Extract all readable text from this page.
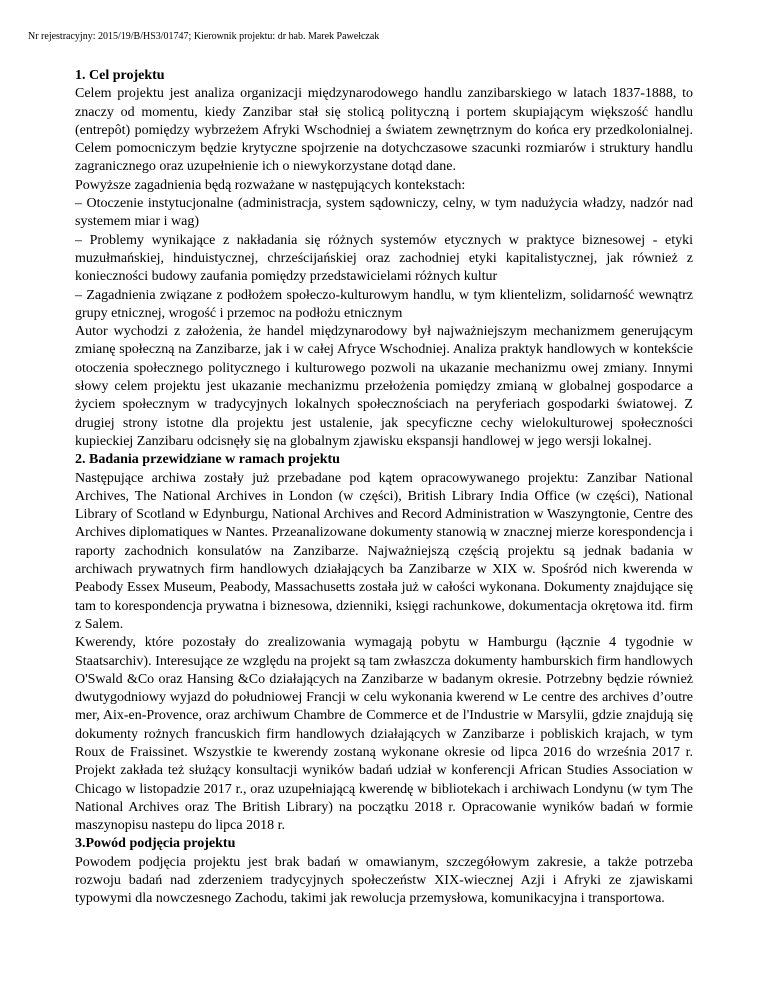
Nr rejestracyjny: 2015/19/B/HS3/01747; Kierownik projektu: dr hab. Marek Pawełczak

1. Cel projektu

Celem projektu jest analiza organizacji międzynarodowego handlu zanzibarskiego w latach 1837-1888, to znaczy od momentu, kiedy Zanzibar stał się stolicą polityczną i portem skupiającym większość handlu (entrepôt) pomiędzy wybrzeżem Afryki Wschodniej a światem zewnętrznym do końca ery przedkolonialnej. Celem pomocniczym będzie krytyczne spojrzenie na dotychczasowe szacunki rozmiarów i struktury handlu zagranicznego oraz uzupełnienie ich o niewykorzystane dotąd dane.

Powyższe zagadnienia będą rozważane w następujących kontekstach:

– Otoczenie instytucjonalne (administracja, system sądowniczy, celny, w tym nadużycia władzy, nadzór nad systemem miar i wag)

– Problemy wynikające z nakładania się różnych systemów etycznych w praktyce biznesowej - etyki muzułmańskiej, hinduistycznej, chrześcijańskiej oraz zachodniej etyki kapitalistycznej, jak również z konieczności budowy zaufania pomiędzy przedstawicielami różnych kultur

– Zagadnienia związane z podłożem społeczo-kulturowym handlu, w tym klientelizm, solidarność wewnątrz grupy etnicznej, wrogość i przemoc na podłożu etnicznym

Autor wychodzi z założenia, że handel międzynarodowy był najważniejszym mechanizmem generującym zmianę społeczną na Zanzibarze, jak i w całej Afryce Wschodniej. Analiza praktyk handlowych w kontekście otoczenia społecznego politycznego i kulturowego pozwoli na ukazanie mechanizmu owej zmiany. Innymi słowy celem projektu jest ukazanie mechanizmu przełożenia pomiędzy zmianą w globalnej gospodarce a życiem społecznym w tradycyjnych lokalnych społecznościach na peryferiach gospodarki światowej. Z drugiej strony istotne dla projektu jest ustalenie, jak specyficzne cechy wielokulturowej społeczności kupieckiej Zanzibaru odcisnęły się na globalnym zjawisku ekspansji handlowej w jego wersji lokalnej.

2. Badania przewidziane w ramach projektu

Następujące archiwa zostały już przebadane pod kątem opracowywanego projektu: Zanzibar National Archives, The National Archives in London (w części), British Library India Office (w części), National Library of Scotland w Edynburgu, National Archives and Record Administration w Waszyngtonie, Centre des Archives diplomatiques w Nantes. Przeanalizowane dokumenty stanowią w znacznej mierze korespondencja i raporty zachodnich konsulatów na Zanzibarze. Najważniejszą częścią projektu są jednak badania w archiwach prywatnych firm handlowych działających ba Zanzibarze w XIX w. Spośród nich kwerenda w Peabody Essex Museum, Peabody, Massachusetts została już w całości wykonana. Dokumenty znajdujące się tam to korespondencja prywatna i biznesowa, dzienniki, księgi rachunkowe, dokumentacja okrętowa itd. firm z Salem.

Kwerendy, które pozostały do zrealizowania wymagają pobytu w Hamburgu (łącznie 4 tygodnie w Staatsarchiv). Interesujące ze względu na projekt są tam zwłaszcza dokumenty hamburskich firm handlowych O'Swald &Co oraz Hansing &Co działających na Zanzibarze w badanym okresie. Potrzebny będzie również dwutygodniowy wyjazd do południowej Francji w celu wykonania kwerend w Le centre des archives d’outre mer, Aix-en-Provence, oraz archiwum Chambre de Commerce et de l'Industrie w Marsylii, gdzie znajdują się dokumenty rożnych francuskich firm handlowych działających w Zanzibarze i pobliskich krajach, w tym Roux de Fraissinet. Wszystkie te kwerendy zostaną wykonane okresie od lipca 2016 do września 2017 r. Projekt zakłada też służący konsultacji wyników badań udział w konferencji African Studies Association w Chicago w listopadzie 2017 r., oraz uzupełniającą kwerendę w bibliotekach i archiwach Londynu (w tym The National Archives oraz The British Library) na początku 2018 r. Opracowanie wyników badań w formie maszynopisu nastepu do lipca 2018 r.

3.Powód podjęcia projektu

Powodem podjęcia projektu jest brak badań w omawianym, szczegółowym zakresie, a także potrzeba rozwoju badań nad zderzeniem tradycyjnych społeczeństw XIX-wiecznej Azji i Afryki ze zjawiskami typowymi dla nowczesnego Zachodu, takimi jak rewolucja przemysłowa, komunikacyjna i transportowa.
